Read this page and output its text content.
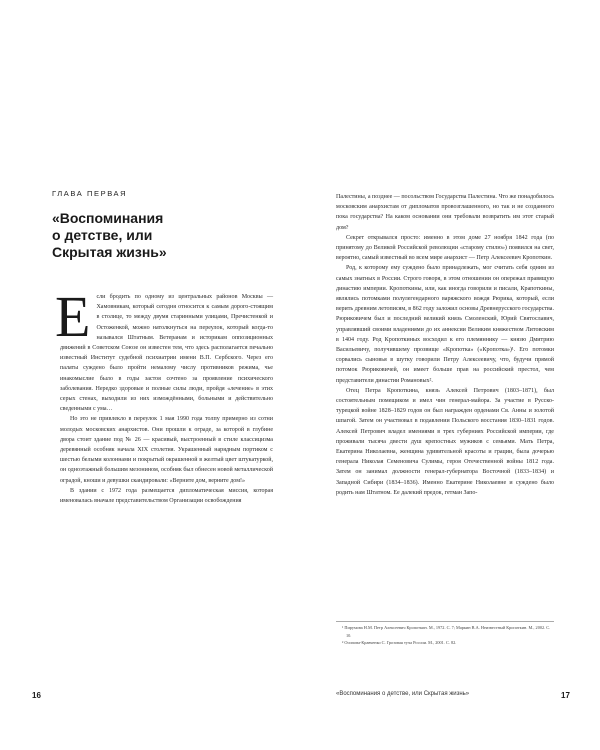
ГЛАВА ПЕРВАЯ
«Воспоминания
о детстве, или
Скрытая жизнь»

Если бродить по одному из центральных районов Москвы — Хамовникам, который сегодня относится к самым дорого-стоящим в столице, то между двумя старинными улицами, Пречистенкой и Остоженкой, можно натолкнуться на переулок, который когда-то назывался Штатным. Ветеранам и историкам оппозиционных движений в Советском Союзе он известен тем, что здесь располагается печально известный Институт судебной психиатрии имени В.П. Сербского. Через его палаты суждено было пройти немалому числу противников режима, чье инакомыслие было в годы застоя сочтено за проявление психического заболевания. Нередко здоровые и полные силы люди, пройдя «лечение» в этих серых стенах, выходили из них измождёнными, больными и действительно сведенными с ума…

Но это не привлекло в переулок 1 мая 1990 года толпу примерно из сотни молодых московских анархистов. Они прошли к ограде, за которой в глубине двора стоит здание под № 26 — красивый, выстроенный в стиле классицизма деревянный особняк начала XIX столетия. Украшенный нарядным портиком с шестью белыми колоннами и покрытый окрашенной в желтый цвет штукатуркой, он одноэтажный большим мезонином, особняк был обнесен новой металлической оградой, кноши и девушки скандировали: «Верните дом, верните дом!»

В здании с 1972 года размещается дипломатическая миссия, которая именовалась вначале представительством Организации освобождения

16

Палестины, а позднее — посольством Государства Палестина. Что же понадобилось московским анархистам от дипломатов провозглашенного, но так и не созданного пока государства? На каком основании они требовали возвратить им этот старый дом?

Секрет открывался просто: именно в этом доме 27 ноября 1842 года (по принятому до Великой Российской революции «старому стилю») появился на свет, вероятно, самый известный во всем мире анархист — Петр Алексеевич Кропоткин.

Род, к которому ему суждено было принадлежать, мог считать себя одним из самых знатных в России. Строго говоря, в этом отношении он опережал правящую династию империи. Кропоткины, или, как иногда говорили и писали, Крапоткины, являлись потомками полулегендарного варяжского вождя Рюрика, который, если верить древним летописям, в 862 году заложил основы Древнерусского государства. Рюриковичем был и последний великий князь Смоленский, Юрий Святославич, управлявший своими владениями до их аннексии Великим княжеством Литовским в 1404 году. Род Кропоткиных восходил к его племяннику — князю Дмитрию Васильевичу, получившему прозвище «Кропотка» («Кропотка»)¹. Его потомки сорвались сыновья в шутку говорили Петру Алексеевичу, что, будучи прямой потомок Рюриковичей, он имеет больше прав на российский престол, чем представители династии Романовых².

Отец Петра Кропоткина, князь Алексей Петрович (1803–1871), был состоятельным помещиком и имел чин генерал-майора. За участие в Русско-турецкой войне 1828–1829 годов он был награжден орденами Св. Анны и золотой шпагой. Затем он участвовал в подавлении Польского восстания 1830–1831 годов. Алексей Петрович владел имениями в трех губерниях Российской империи, где проживали тысяча двести душ крепостных мужиков с семьями. Мать Петра, Екатерина Николаевна, женщина удивительной красоты и грации, была дочерью генерала Николая Семеновича Сулимы, героя Отечественной войны 1812 года. Затем он занимал должности генерал-губернатора Восточной (1833–1834) и Западной Сибири (1834–1836). Именно Екатерине Николаевне и суждено было родить нам Штатном. Ее далекий предок, гетман Запо-

¹ Пирумова Н.М. Петр Алексеевич Кропоткин. М., 1972. С. 7; Маркин В.А. Неизвестный Кропоткин. М., 2002. С. 10.

² Осипова-Кравченко С. Грозовая туча России. М., 2001. С. 82.

«Воспоминания о детстве, или Скрытая жизнь»	17
